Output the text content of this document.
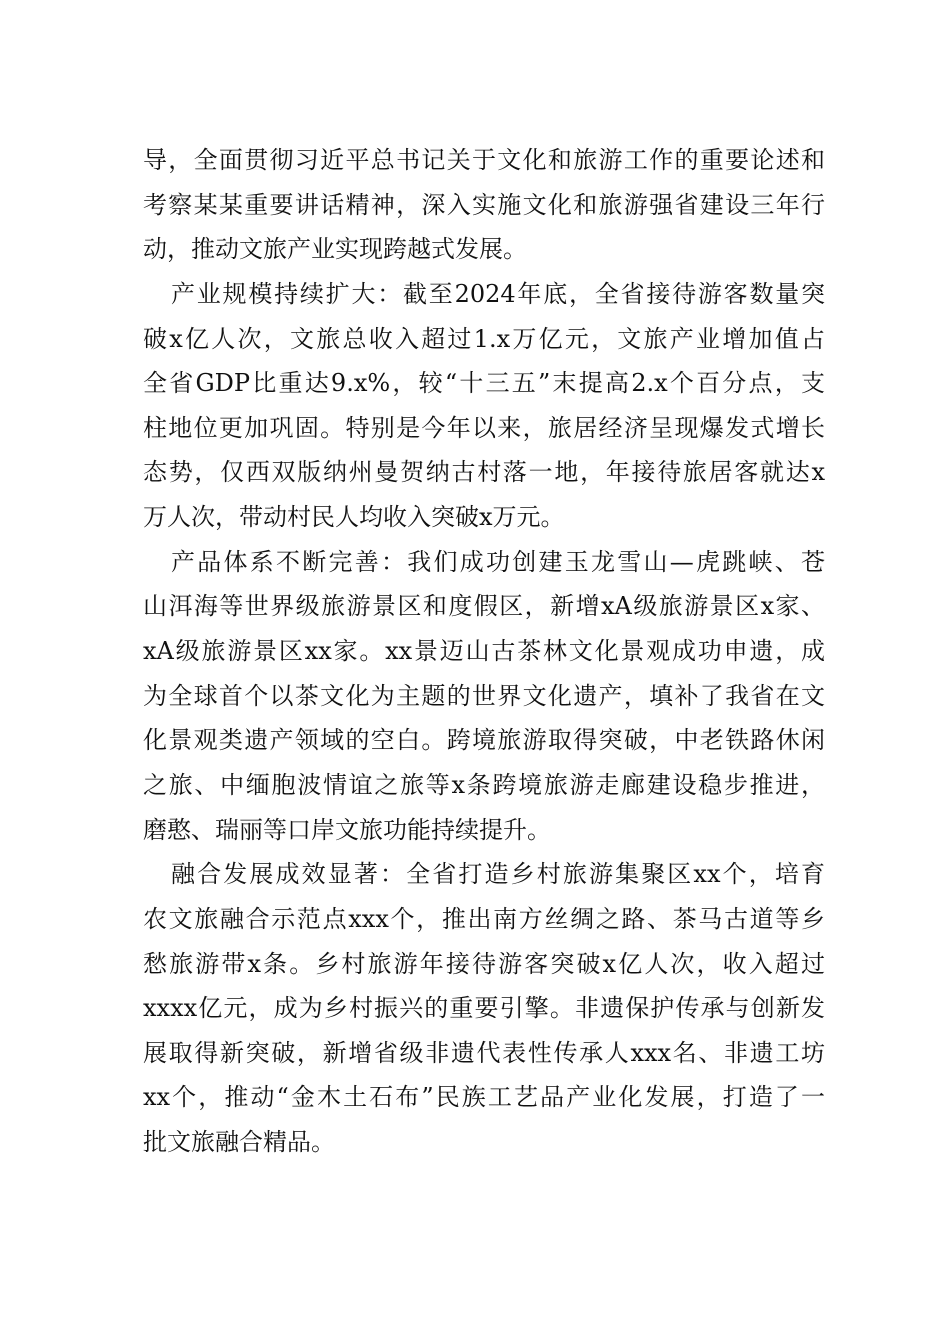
导，全面贯彻习近平总书记关于文化和旅游工作的重要论述和
考察某某重要讲话精神，深入实施文化和旅游强省建设三年行
动，推动文旅产业实现跨越式发展。
产业规模持续扩大：截至2024年底，全省接待游客数量突
破x亿人次，文旅总收入超过1.x万亿元，文旅产业增加值占
全省GDP比重达9.x%，较“十三五”末提高2.x个百分点，支
柱地位更加巩固。特别是今年以来，旅居经济呈现爆发式增长
态势，仅西双版纳州曼贺纳古村落一地，年接待旅居客就达x
万人次，带动村民人均收入突破x万元。
产品体系不断完善：我们成功创建玉龙雪山—虎跳峡、苍
山洱海等世界级旅游景区和度假区，新增xA级旅游景区x家、
xA级旅游景区xx家。xx景迈山古茶林文化景观成功申遗，成
为全球首个以茶文化为主题的世界文化遗产，填补了我省在文
化景观类遗产领域的空白。跨境旅游取得突破，中老铁路休闲
之旅、中缅胞波情谊之旅等x条跨境旅游走廊建设稳步推进，
磨憨、瑞丽等口岸文旅功能持续提升。
融合发展成效显著：全省打造乡村旅游集聚区xx个，培育
农文旅融合示范点xxx个，推出南方丝绸之路、茶马古道等乡
愁旅游带x条。乡村旅游年接待游客突破x亿人次，收入超过
xxxx亿元，成为乡村振兴的重要引擎。非遗保护传承与创新发
展取得新突破，新增省级非遗代表性传承人xxx名、非遗工坊
xx个，推动“金木土石布”民族工艺品产业化发展，打造了一
批文旅融合精品。
